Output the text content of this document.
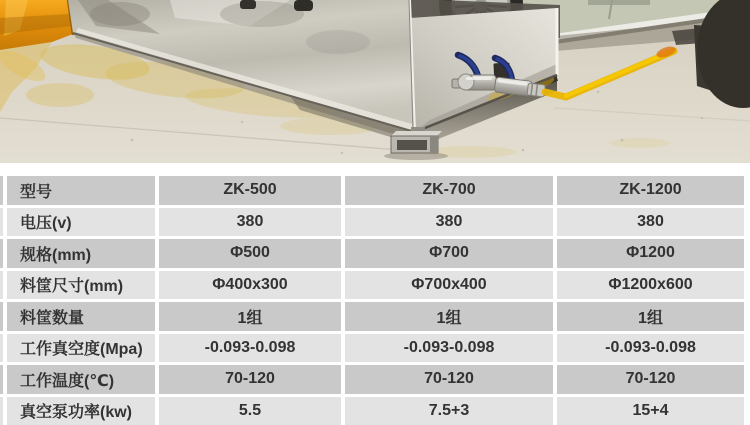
型号	ZK-500	ZK-700	ZK-1200
电压(v)	380	380	380
规格(mm)	Φ500	Φ700	Φ1200
料筐尺寸(mm)	Φ400x300	Φ700x400	Φ1200x600
料筐数量	1组	1组	1组
工作真空度(Mpa)	-0.093-0.098	-0.093-0.098	-0.093-0.098
工作温度(℃)	70-120	70-120	70-120
真空泵功率(kw)	5.5	7.5+3	15+4
